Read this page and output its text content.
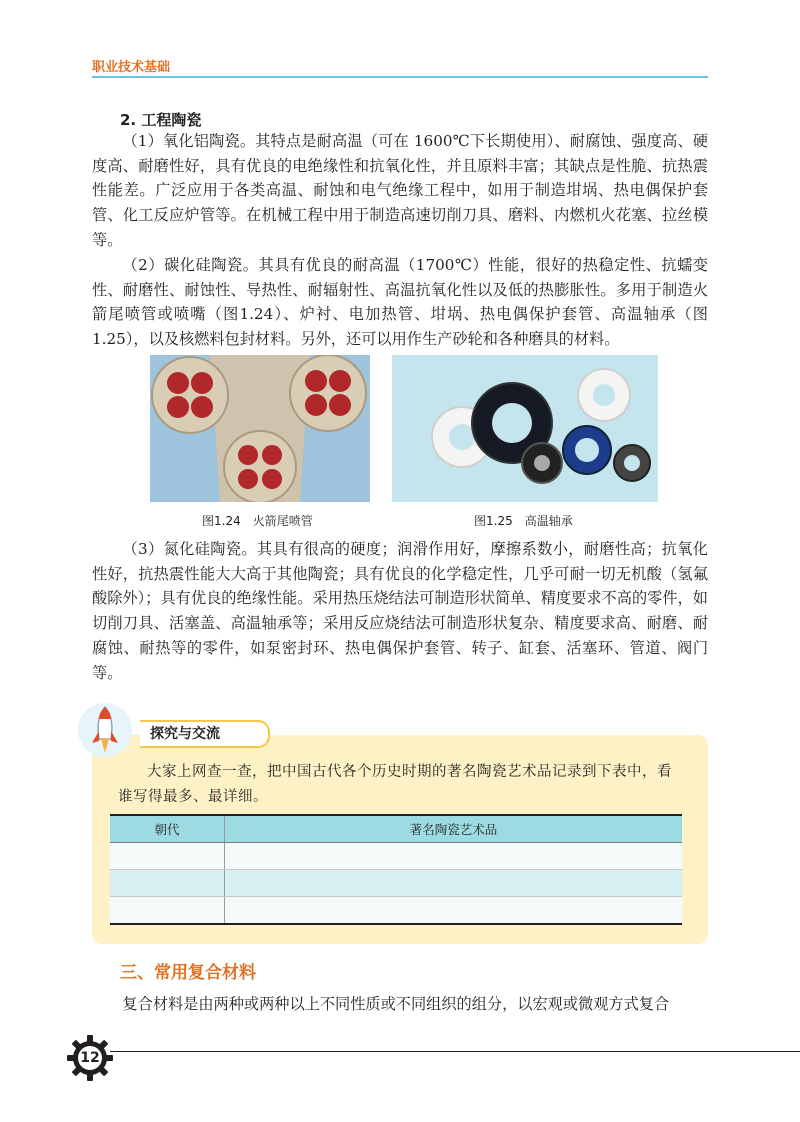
职业技术基础
2. 工程陶瓷

（1）氧化铝陶瓷。其特点是耐高温（可在 1600℃下长期使用）、耐腐蚀、强度高、硬度高、耐磨性好，具有优良的电绝缘性和抗氧化性，并且原料丰富；其缺点是性脆、抗热震性能差。广泛应用于各类高温、耐蚀和电气绝缘工程中，如用于制造坩埚、热电偶保护套管、化工反应炉管等。在机械工程中用于制造高速切削刀具、磨料、内燃机火花塞、拉丝模等。

（2）碳化硅陶瓷。其具有优良的耐高温（1700℃）性能，很好的热稳定性、抗蠕变性、耐磨性、耐蚀性、导热性、耐辐射性、高温抗氧化性以及低的热膨胀性。多用于制造火箭尾喷管或喷嘴（图1.24）、炉衬、电加热管、坩埚、热电偶保护套管、高温轴承（图1.25），以及核燃料包封材料。另外，还可以用作生产砂轮和各种磨具的材料。

图1.24　火箭尾喷管	图1.25　高温轴承

（3）氮化硅陶瓷。其具有很高的硬度；润滑作用好，摩擦系数小，耐磨性高；抗氧化性好，抗热震性能大大高于其他陶瓷；具有优良的化学稳定性，几乎可耐一切无机酸（氢氟酸除外）；具有优良的绝缘性能。采用热压烧结法可制造形状简单、精度要求不高的零件，如切削刀具、活塞盖、高温轴承等；采用反应烧结法可制造形状复杂、精度要求高、耐磨、耐腐蚀、耐热等的零件，如泵密封环、热电偶保护套管、转子、缸套、活塞环、管道、阀门等。

探究与交流

大家上网查一查，把中国古代各个历史时期的著名陶瓷艺术品记录到下表中，看谁写得最多、最详细。

朝代	著名陶瓷艺术品

三、常用复合材料

复合材料是由两种或两种以上不同性质或不同组织的组分，以宏观或微观方式复合

12
